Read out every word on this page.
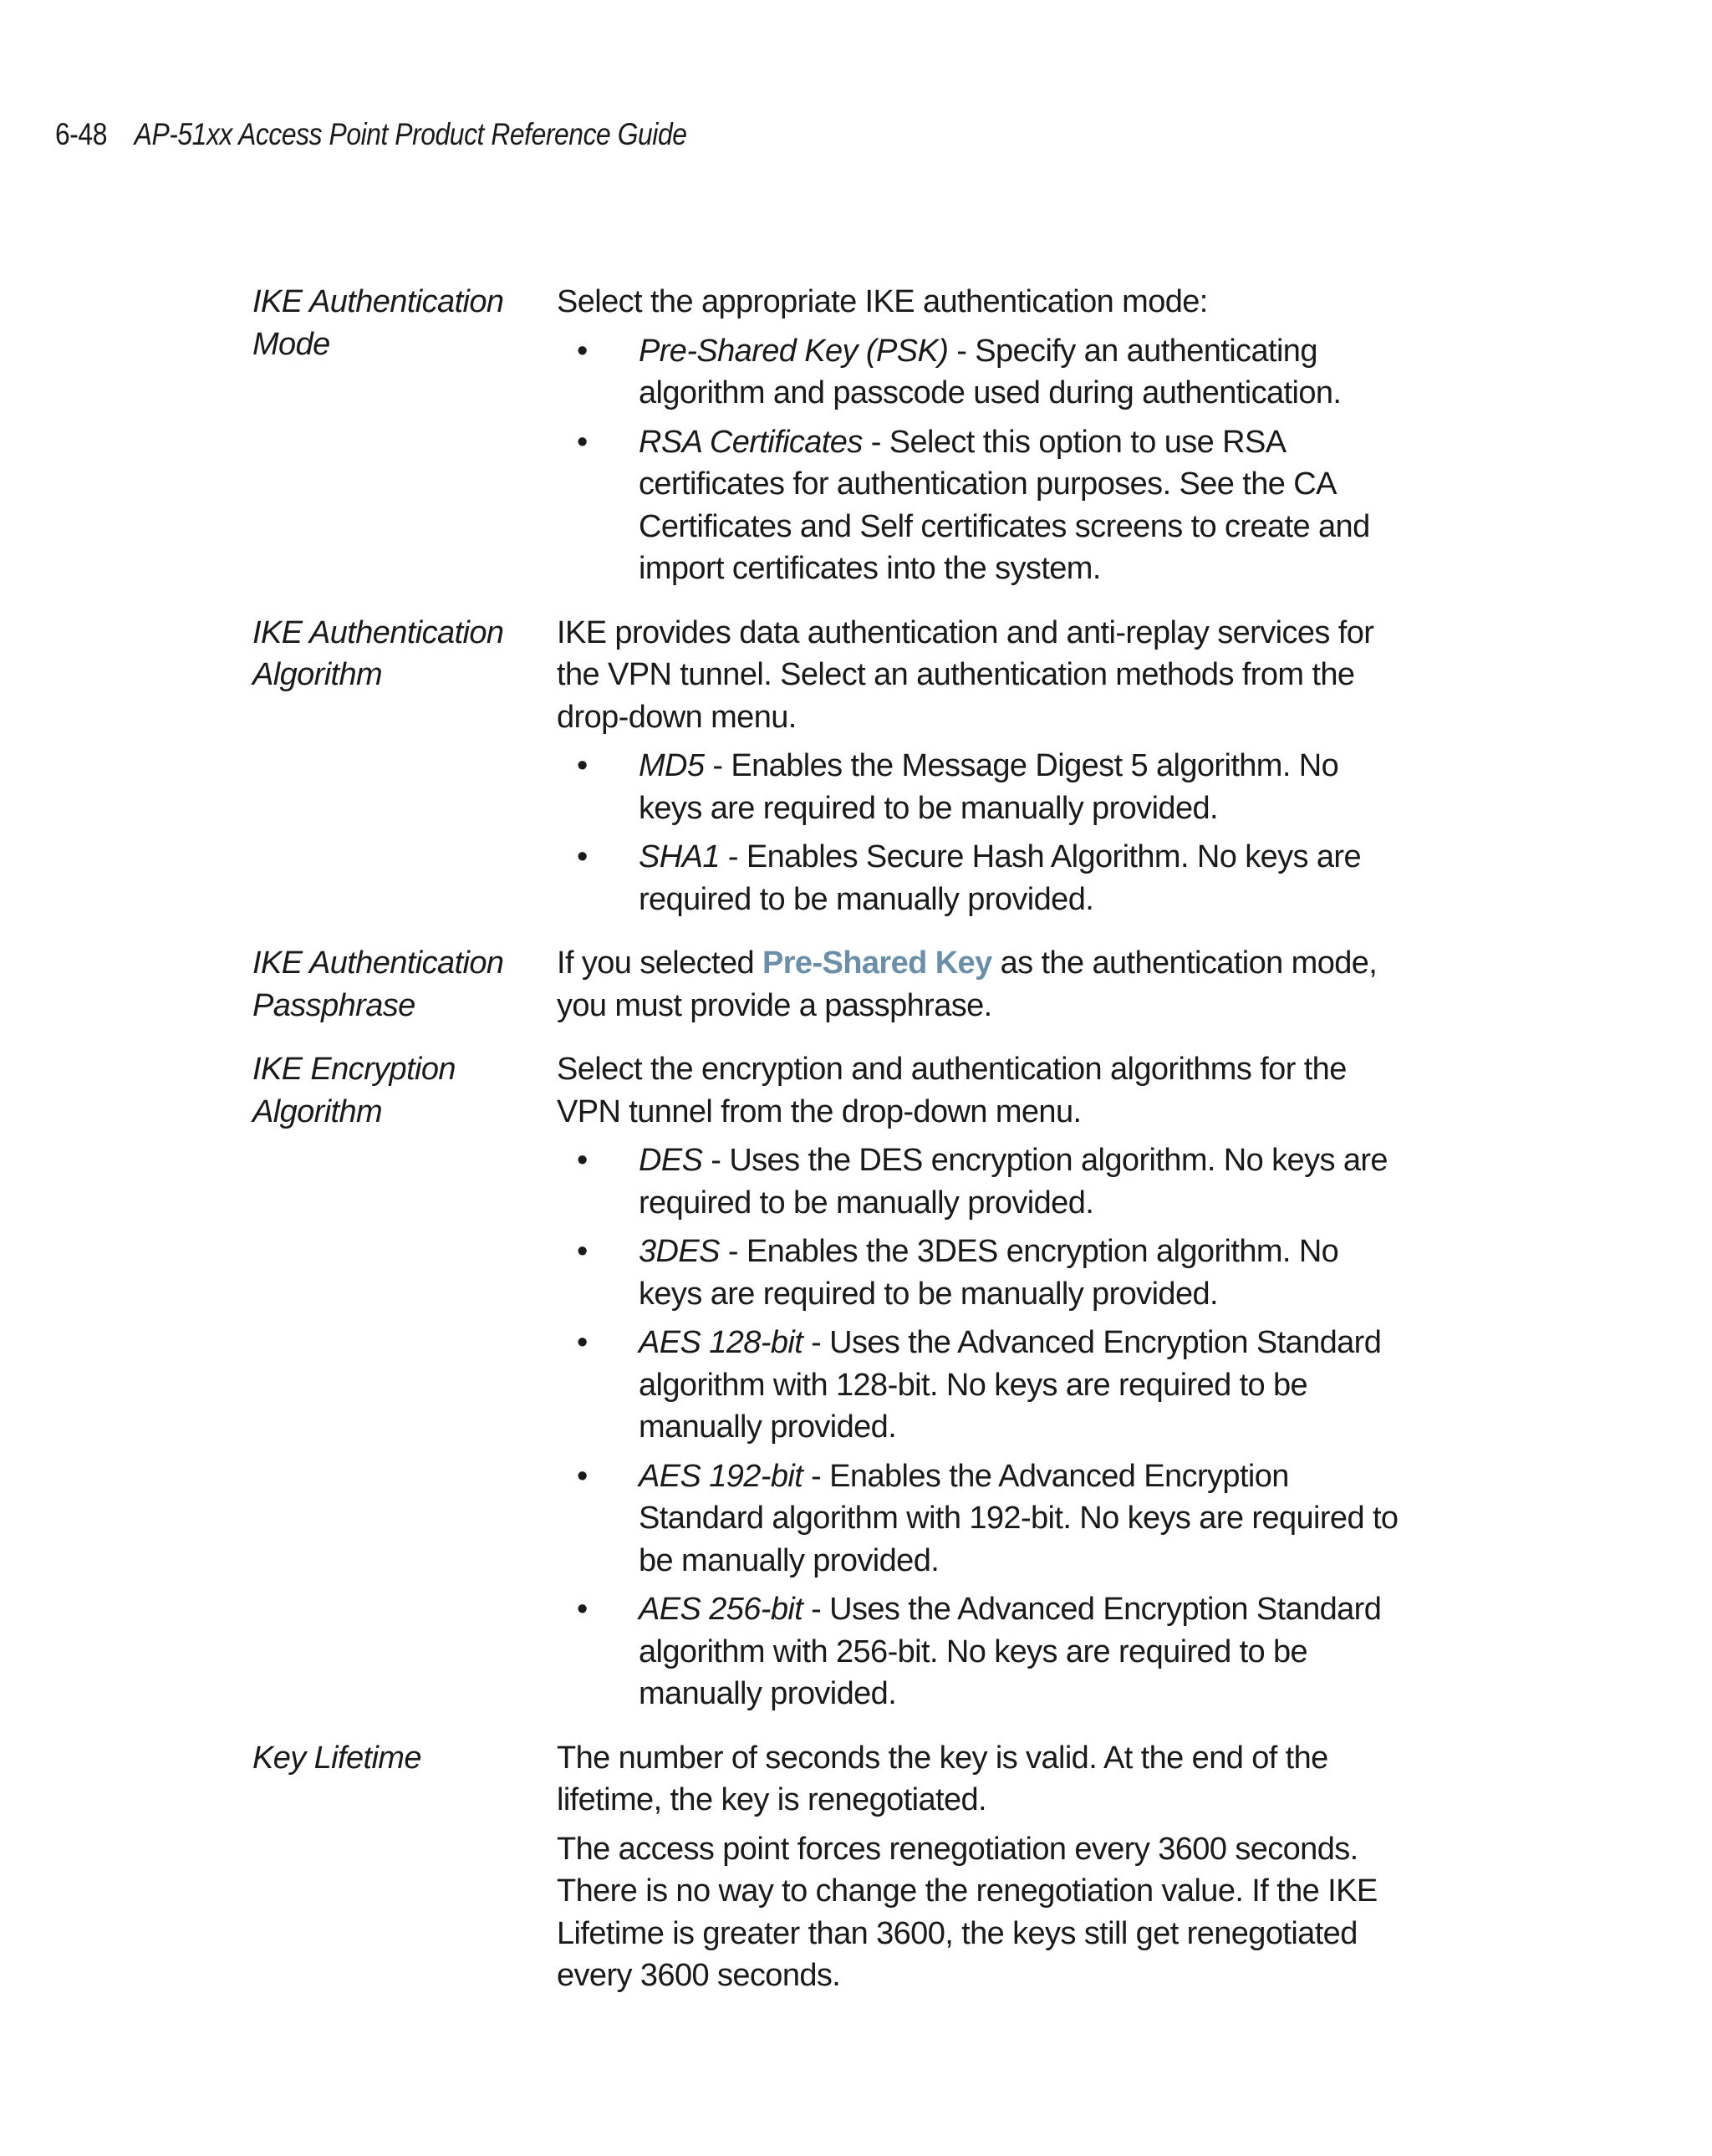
6-48 AP-51xx Access Point Product Reference Guide
IKE Authentication
Mode

Select the appropriate IKE authentication mode:

• Pre-Shared Key (PSK) - Specify an authenticating algorithm and passcode used during authentication.
• RSA Certificates - Select this option to use RSA certificates for authentication purposes. See the CA Certificates and Self certificates screens to create and import certificates into the system.
IKE Authentication
Algorithm

IKE provides data authentication and anti-replay services for the VPN tunnel. Select an authentication methods from the drop-down menu.

• MD5 - Enables the Message Digest 5 algorithm. No keys are required to be manually provided.
• SHA1 - Enables Secure Hash Algorithm. No keys are required to be manually provided.
IKE Authentication
Passphrase

If you selected Pre-Shared Key as the authentication mode, you must provide a passphrase.

IKE Encryption
Algorithm

Select the encryption and authentication algorithms for the VPN tunnel from the drop-down menu.

• DES - Uses the DES encryption algorithm. No keys are required to be manually provided.
• 3DES - Enables the 3DES encryption algorithm. No keys are required to be manually provided.
• AES 128-bit - Uses the Advanced Encryption Standard algorithm with 128-bit. No keys are required to be manually provided.
• AES 192-bit - Enables the Advanced Encryption Standard algorithm with 192-bit. No keys are required to be manually provided.
• AES 256-bit - Uses the Advanced Encryption Standard algorithm with 256-bit. No keys are required to be manually provided.
Key Lifetime	The number of seconds the key is valid. At the end of the lifetime, the key is renegotiated.

The access point forces renegotiation every 3600 seconds. There is no way to change the renegotiation value. If the IKE Lifetime is greater than 3600, the keys still get renegotiated every 3600 seconds.
